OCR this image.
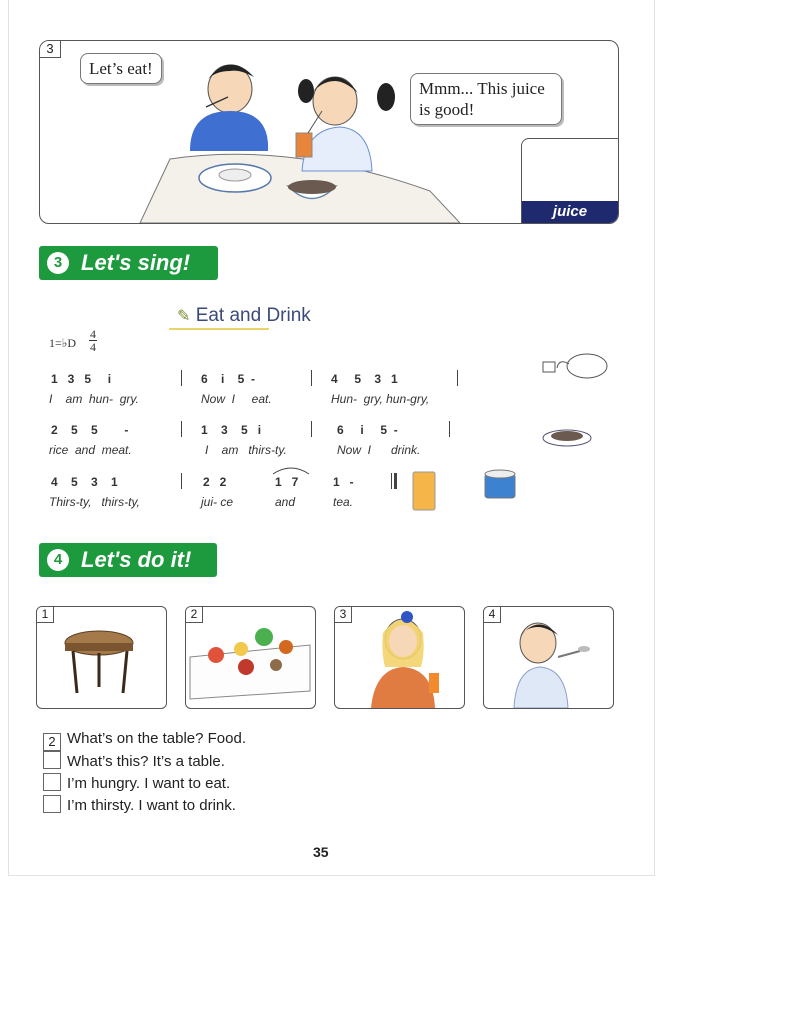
3
Let’s eat!
Mmm... This juice
is good!
juice
3 Let's sing!
✎ Eat and Drink
1=♭D
4
4
1   3   5     i	6    i    5  -	4     5    3   1
I    am  hun-  gry.	Now  I     eat.	Hun-  gry, hun-gry,
2    5    5        -	1    3    5   i	6     i     5  -
rice  and  meat.	I    am   thirs-ty.	Now  I      drink.
4    5    3    1	2   2	1   7	1   -
Thirs-ty,   thirs-ty,	jui- ce	and	tea.
4 Let's do it!
1	2	3	4
2 What’s on the table? Food.
What’s this? It’s a table.
I’m hungry. I want to eat.
I’m thirsty. I want to drink.
35
